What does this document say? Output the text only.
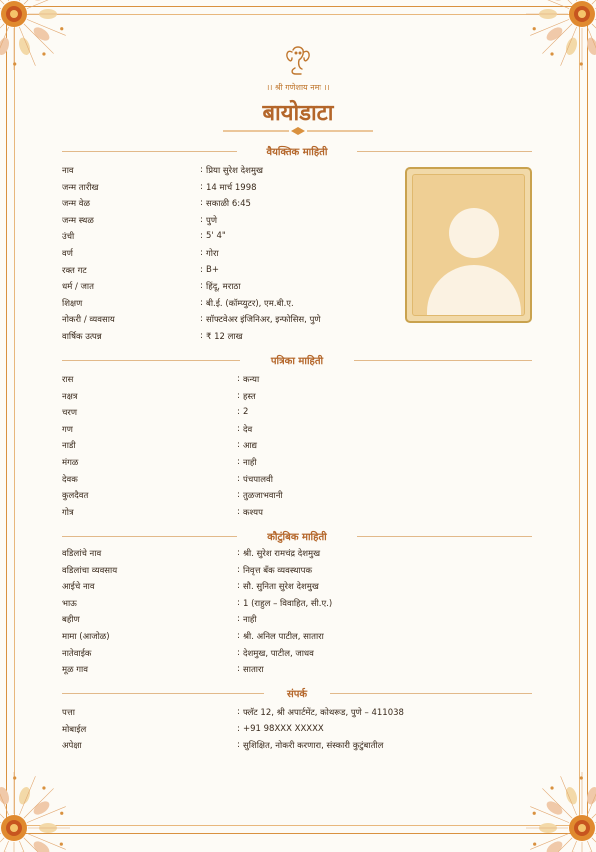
।। श्री गणेशाय नमः ।।
बायोडाटा
वैयक्तिक माहिती
नाव	: प्रिया सुरेश देशमुख
जन्म तारीख	: 14 मार्च 1998
जन्म वेळ	: सकाळी 6:45
जन्म स्थळ	: पुणे
उंची	: 5' 4"
वर्ण	: गोरा
रक्त गट	: B+
धर्म / जात	: हिंदू, मराठा
शिक्षण	: बी.ई. (कॉम्प्युटर), एम.बी.ए.
नोकरी / व्यवसाय	: सॉफ्टवेअर इंजिनिअर, इन्फोसिस, पुणे
वार्षिक उत्पन्न	: ₹ 12 लाख
पत्रिका माहिती
रास	: कन्या
नक्षत्र	: हस्त
चरण	: 2
गण	: देव
नाडी	: आद्य
मंगळ	: नाही
देवक	: पंचपालवी
कुलदैवत	: तुळजाभवानी
गोत्र	: कश्यप
कौटुंबिक माहिती
वडिलांचे नाव	: श्री. सुरेश रामचंद्र देशमुख
वडिलांचा व्यवसाय	: निवृत्त बँक व्यवस्थापक
आईचे नाव	: सौ. सुनिता सुरेश देशमुख
भाऊ	: 1 (राहुल – विवाहित, सी.ए.)
बहीण	: नाही
मामा (आजोळ)	: श्री. अनिल पाटील, सातारा
नातेवाईक	: देशमुख, पाटील, जाधव
मूळ गाव	: सातारा
संपर्क
पत्ता	: फ्लॅट 12, श्री अपार्टमेंट, कोथरूड, पुणे – 411038
मोबाईल	: +91 98XXX XXXXX
अपेक्षा	: सुशिक्षित, नोकरी करणारा, संस्कारी कुटुंबातील
